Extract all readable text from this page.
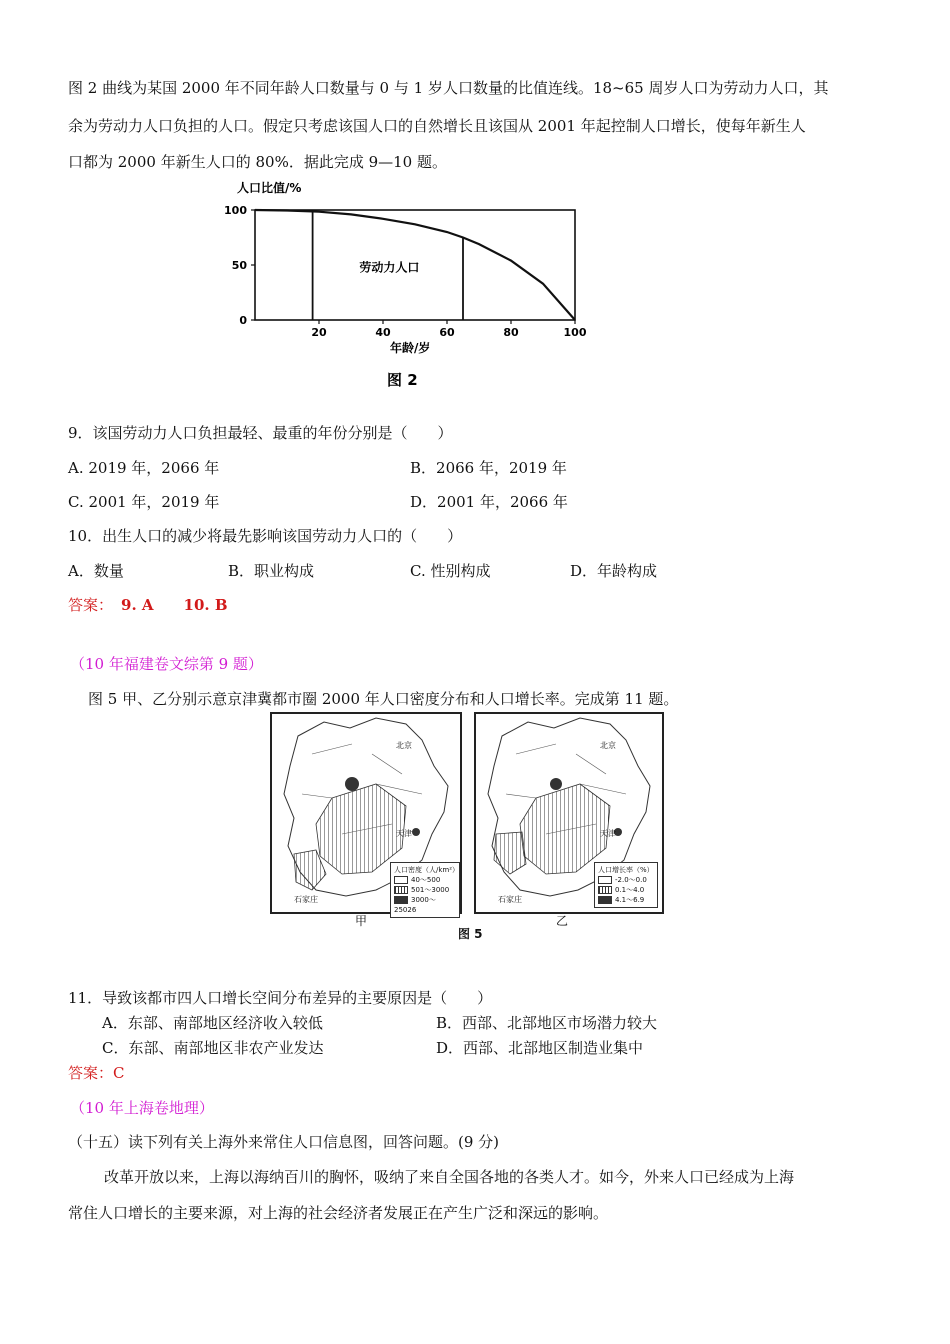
图 2 曲线为某国 2000 年不同年龄人口数量与 0 与 1 岁人口数量的比值连线。18~65 周岁人口为劳动力人口，其
余为劳动力人口负担的人口。假定只考虑该国人口的自然增长且该国从 2001 年起控制人口增长，使每年新生人
口都为 2000 年新生人口的 80%．据此完成 9—10 题。
人口比值/%
年龄/岁
图 2
100
50
0
20	40	60	80	100
劳动力人口
9．该国劳动力人口负担最轻、最重的年份分别是（　　）
A. 2019 年，2066 年	B．2066 年，2019 年
C. 2001 年，2019 年	D．2001 年，2066 年
10．出生人口的减少将最先影响该国劳动力人口的（　　）
A．数量	B．职业构成	C. 性别构成	D．年龄构成
答案： 9. A　　10. B
（10 年福建卷文综第 9 题）
图 5 甲、乙分别示意京津冀都市圈 2000 年人口密度分布和人口增长率。完成第 11 题。
北京
天津
石家庄
人口密度（人/km²）
40～500
501～3000
3000～25026
甲
北京
天津
石家庄
人口增长率（%）
-2.0～0.0
0.1～4.0
4.1～6.9
乙
图 5
11．导致该都市四人口增长空间分布差异的主要原因是（　　）
A．东部、南部地区经济收入较低	B．西部、北部地区市场潜力较大
C．东部、南部地区非农产业发达	D．西部、北部地区制造业集中
答案：C
（10 年上海卷地理）
（十五）读下列有关上海外来常住人口信息图，回答问题。(9 分)
改革开放以来，上海以海纳百川的胸怀，吸纳了来自全国各地的各类人才。如今，外来人口已经成为上海
常住人口增长的主要来源，对上海的社会经济者发展正在产生广泛和深远的影响。
